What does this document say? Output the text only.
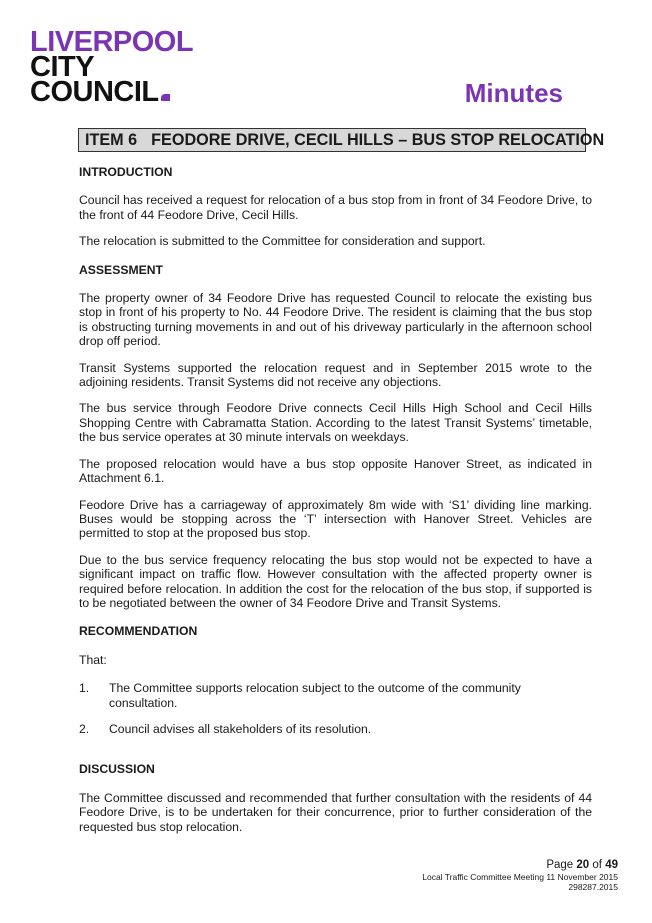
LIVERPOOL
CITY
COUNCIL	Minutes
ITEM 6 FEODORE DRIVE, CECIL HILLS – BUS STOP RELOCATION

INTRODUCTION

Council has received a request for relocation of a bus stop from in front of 34 Feodore Drive, to the front of 44 Feodore Drive, Cecil Hills.

The relocation is submitted to the Committee for consideration and support.

ASSESSMENT

The property owner of 34 Feodore Drive has requested Council to relocate the existing bus stop in front of his property to No. 44 Feodore Drive. The resident is claiming that the bus stop is obstructing turning movements in and out of his driveway particularly in the afternoon school drop off period.

Transit Systems supported the relocation request and in September 2015 wrote to the adjoining residents. Transit Systems did not receive any objections.

The bus service through Feodore Drive connects Cecil Hills High School and Cecil Hills Shopping Centre with Cabramatta Station. According to the latest Transit Systems’ timetable, the bus service operates at 30 minute intervals on weekdays.

The proposed relocation would have a bus stop opposite Hanover Street, as indicated in Attachment 6.1.

Feodore Drive has a carriageway of approximately 8m wide with ‘S1’ dividing line marking. Buses would be stopping across the ‘T’ intersection with Hanover Street. Vehicles are permitted to stop at the proposed bus stop.

Due to the bus service frequency relocating the bus stop would not be expected to have a significant impact on traffic flow. However consultation with the affected property owner is required before relocation. In addition the cost for the relocation of the bus stop, if supported is to be negotiated between the owner of 34 Feodore Drive and Transit Systems.

RECOMMENDATION

That:

1. The Committee supports relocation subject to the outcome of the community consultation.

2. Council advises all stakeholders of its resolution.

DISCUSSION

The Committee discussed and recommended that further consultation with the residents of 44 Feodore Drive, is to be undertaken for their concurrence, prior to further consideration of the requested bus stop relocation.

Page 20 of 49
Local Traffic Committee Meeting 11 November 2015
298287.2015
